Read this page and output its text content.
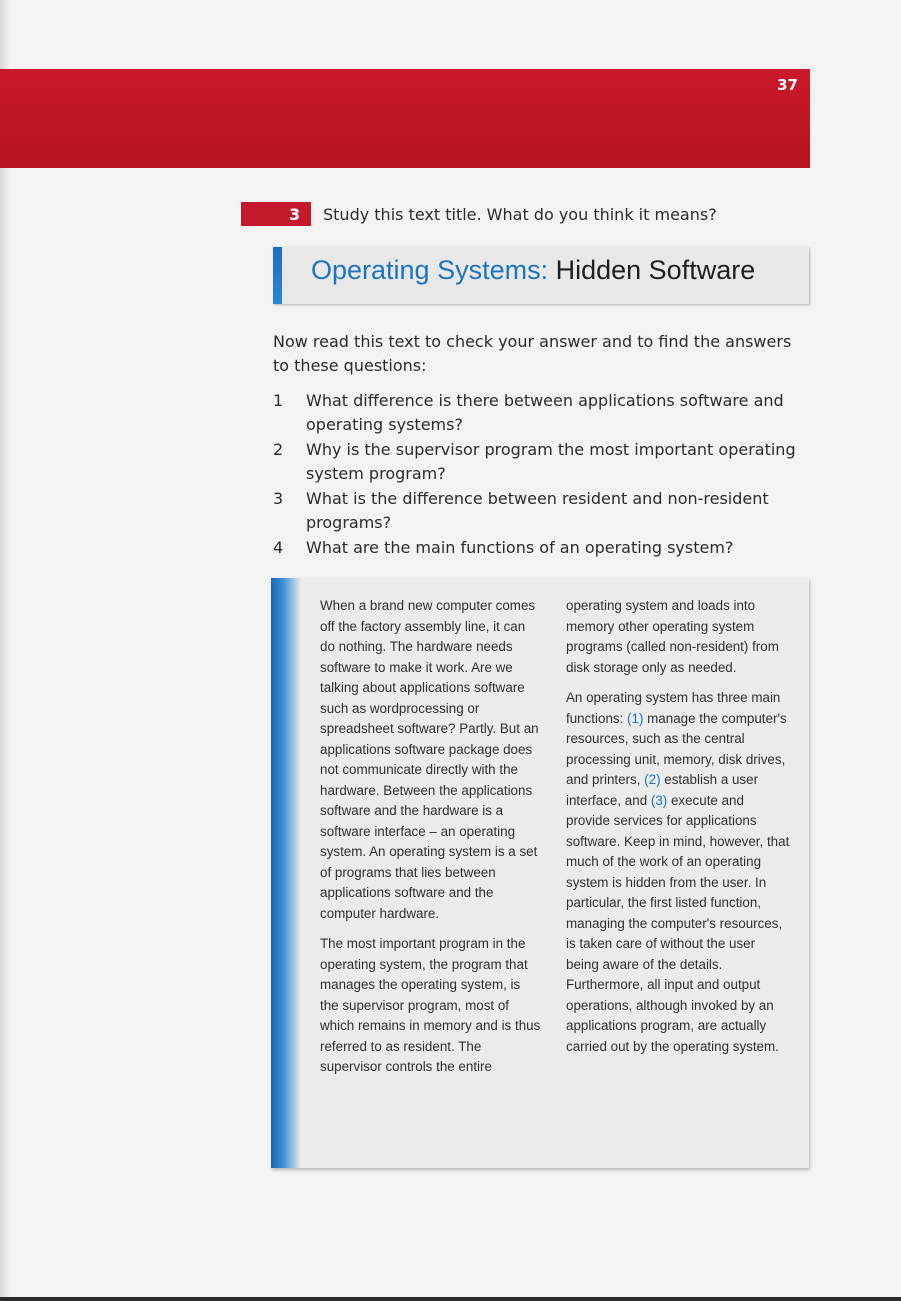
37
3	Study this text title. What do you think it means?
Operating Systems: Hidden Software
Now read this text to check your answer and to find the answers to these questions:
1 What difference is there between applications software and operating systems?
2 Why is the supervisor program the most important operating system program?
3 What is the difference between resident and non-resident programs?
4 What are the main functions of an operating system?

When a brand new computer comes off the factory assembly line, it can do nothing. The hardware needs software to make it work. Are we talking about applications software such as wordprocessing or spreadsheet software? Partly. But an applications software package does not communicate directly with the hardware. Between the applications software and the hardware is a software interface – an operating system. An operating system is a set of programs that lies between applications software and the computer hardware.

The most important program in the operating system, the program that manages the operating system, is the supervisor program, most of which remains in memory and is thus referred to as resident. The supervisor controls the entire

operating system and loads into memory other operating system programs (called non-resident) from disk storage only as needed.

An operating system has three main functions: (1) manage the computer's resources, such as the central processing unit, memory, disk drives, and printers, (2) establish a user interface, and (3) execute and provide services for applications software. Keep in mind, however, that much of the work of an operating system is hidden from the user. In particular, the first listed function, managing the computer's resources, is taken care of without the user being aware of the details. Furthermore, all input and output operations, although invoked by an applications program, are actually carried out by the operating system.
